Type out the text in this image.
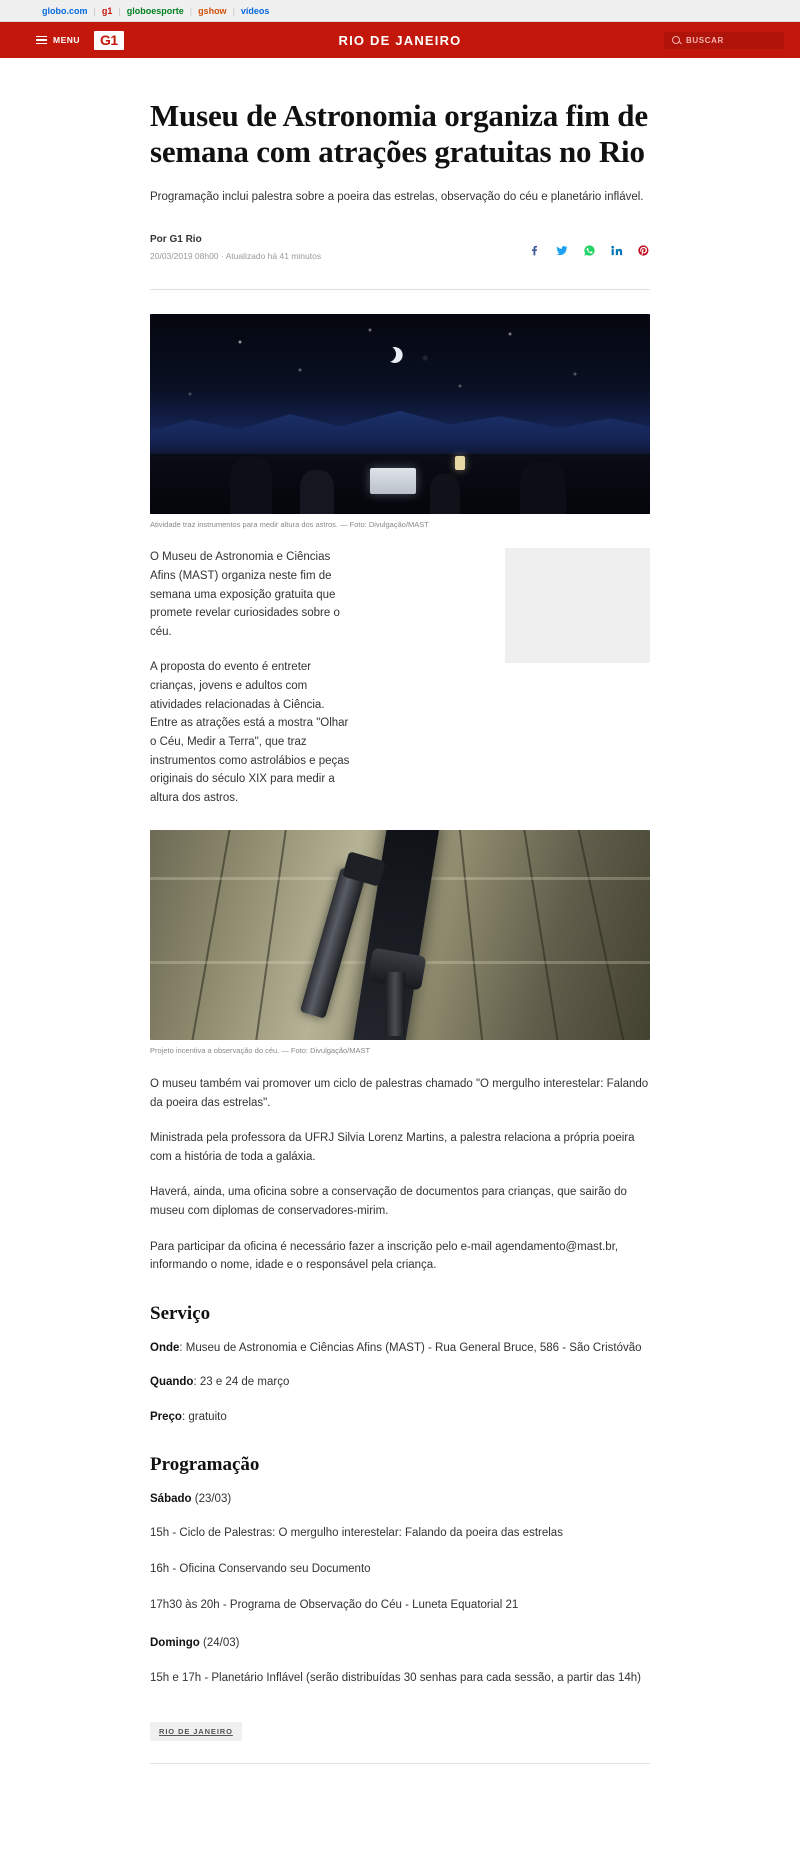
globo.com | g1 | globoesporte | gshow | vídeos
MENU	G1	RIO DE JANEIRO	BUSCAR
Museu de Astronomia organiza fim de semana com atrações gratuitas no Rio

Programação inclui palestra sobre a poeira das estrelas, observação do céu e planetário inflável.

Por G1 Rio
20/03/2019 08h00 · Atualizado há 41 minutos
Atividade traz instrumentos para medir altura dos astros. — Foto: Divulgação/MAST

O Museu de Astronomia e Ciências Afins (MAST) organiza neste fim de semana uma exposição gratuita que promete revelar curiosidades sobre o céu.

A proposta do evento é entreter crianças, jovens e adultos com atividades relacionadas à Ciência. Entre as atrações está a mostra "Olhar o Céu, Medir a Terra", que traz instrumentos como astrolábios e peças originais do século XIX para medir a altura dos astros.

Projeto incentiva a observação do céu. — Foto: Divulgação/MAST

O museu também vai promover um ciclo de palestras chamado "O mergulho interestelar: Falando da poeira das estrelas".

Ministrada pela professora da UFRJ Silvia Lorenz Martins, a palestra relaciona a própria poeira com a história de toda a galáxia.

Haverá, ainda, uma oficina sobre a conservação de documentos para crianças, que sairão do museu com diplomas de conservadores-mirim.

Para participar da oficina é necessário fazer a inscrição pelo e-mail agendamento@mast.br, informando o nome, idade e o responsável pela criança.

Serviço

Onde: Museu de Astronomia e Ciências Afins (MAST) - Rua General Bruce, 586 - São Cristóvão

Quando: 23 e 24 de março

Preço: gratuito

Programação

Sábado (23/03)

15h - Ciclo de Palestras: O mergulho interestelar: Falando da poeira das estrelas

16h - Oficina Conservando seu Documento

17h30 às 20h - Programa de Observação do Céu - Luneta Equatorial 21

Domingo (24/03)

15h e 17h - Planetário Inflável (serão distribuídas 30 senhas para cada sessão, a partir das 14h)

RIO DE JANEIRO
